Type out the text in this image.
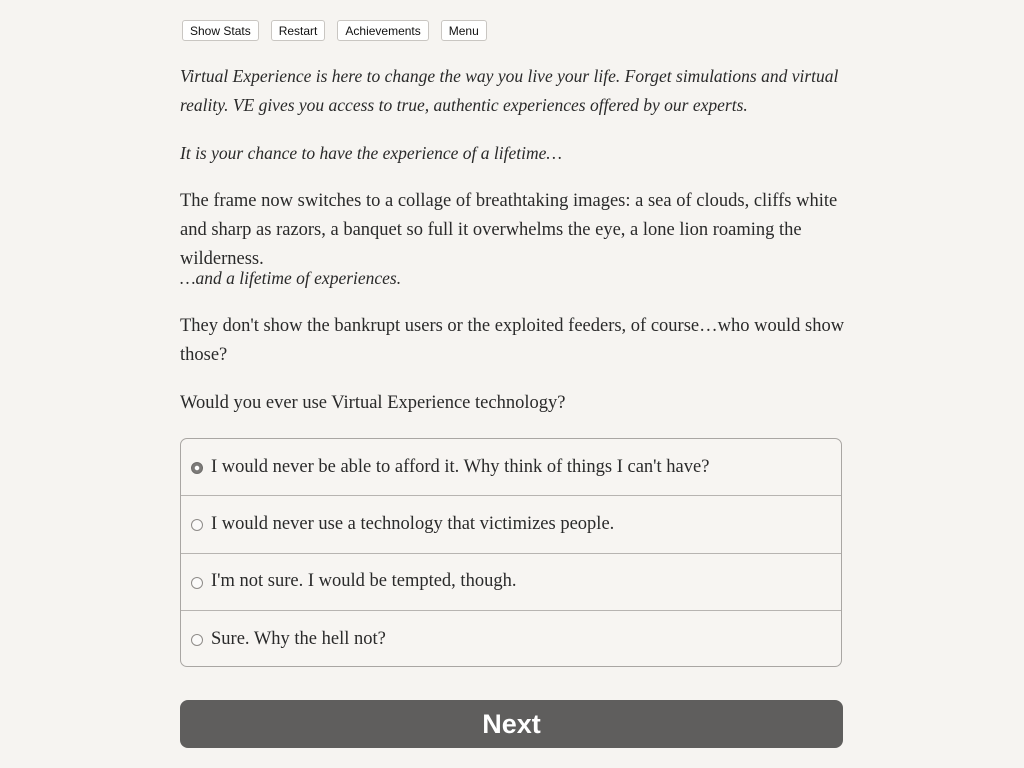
Show Stats	Restart	Achievements	Menu

Virtual Experience is here to change the way you live your life. Forget simulations and virtual reality. VE gives you access to true, authentic experiences offered by our experts.

It is your chance to have the experience of a lifetime…

The frame now switches to a collage of breathtaking images: a sea of clouds, cliffs white and sharp as razors, a banquet so full it overwhelms the eye, a lone lion roaming the wilderness.

…and a lifetime of experiences.

They don't show the bankrupt users or the exploited feeders, of course…who would show those?

Would you ever use Virtual Experience technology?

I would never be able to afford it. Why think of things I can't have?
I would never use a technology that victimizes people.
I'm not sure. I would be tempted, though.
Sure. Why the hell not?
Next
